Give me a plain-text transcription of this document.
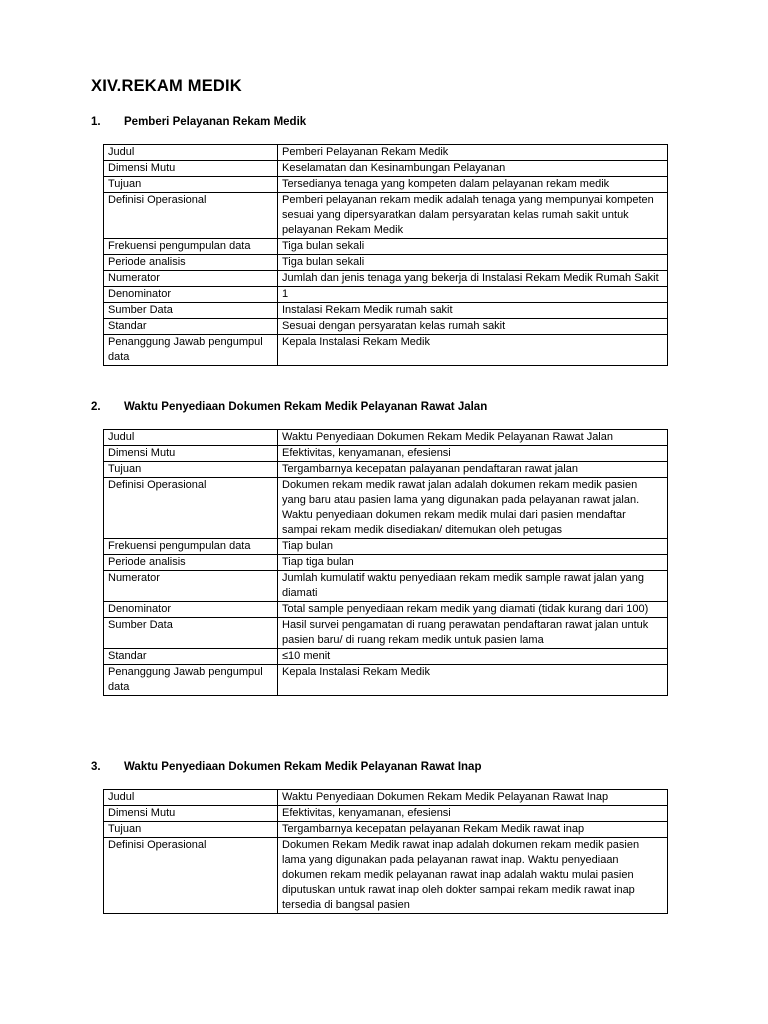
XIV.REKAM MEDIK
1. Pemberi Pelayanan Rekam Medik
Judul	Pemberi Pelayanan Rekam Medik
Dimensi Mutu	Keselamatan dan Kesinambungan Pelayanan
Tujuan	Tersedianya tenaga yang kompeten dalam pelayanan rekam medik
Definisi Operasional	Pemberi pelayanan rekam medik adalah tenaga yang mempunyai kompeten sesuai yang dipersyaratkan dalam persyaratan kelas rumah sakit untuk pelayanan Rekam Medik
Frekuensi pengumpulan data	Tiga bulan sekali
Periode analisis	Tiga bulan sekali
Numerator	Jumlah dan jenis tenaga yang bekerja di Instalasi Rekam Medik Rumah Sakit
Denominator	1
Sumber Data	Instalasi Rekam Medik rumah sakit
Standar	Sesuai dengan persyaratan kelas rumah sakit
Penanggung Jawab pengumpul data	Kepala Instalasi Rekam Medik
2. Waktu Penyediaan Dokumen Rekam Medik Pelayanan Rawat Jalan
Judul	Waktu Penyediaan Dokumen Rekam Medik Pelayanan Rawat Jalan
Dimensi Mutu	Efektivitas, kenyamanan, efesiensi
Tujuan	Tergambarnya kecepatan palayanan pendaftaran rawat jalan
Definisi Operasional	Dokumen rekam medik rawat jalan adalah dokumen rekam medik pasien yang baru atau pasien lama yang digunakan pada pelayanan rawat jalan. Waktu penyediaan dokumen rekam medik mulai dari pasien mendaftar sampai rekam medik disediakan/ ditemukan oleh petugas
Frekuensi pengumpulan data	Tiap bulan
Periode analisis	Tiap tiga bulan
Numerator	Jumlah kumulatif waktu penyediaan rekam medik sample rawat jalan yang diamati
Denominator	Total sample penyediaan rekam medik yang diamati (tidak kurang dari 100)
Sumber Data	Hasil survei pengamatan di ruang perawatan pendaftaran rawat jalan untuk pasien baru/ di ruang rekam medik untuk pasien lama
Standar	≤10 menit
Penanggung Jawab pengumpul data	Kepala Instalasi Rekam Medik
3. Waktu Penyediaan Dokumen Rekam Medik Pelayanan Rawat Inap
Judul	Waktu Penyediaan Dokumen Rekam Medik Pelayanan Rawat Inap
Dimensi Mutu	Efektivitas, kenyamanan, efesiensi
Tujuan	Tergambarnya kecepatan pelayanan Rekam Medik rawat inap
Definisi Operasional	Dokumen Rekam Medik rawat inap adalah dokumen rekam medik pasien lama yang digunakan pada pelayanan rawat inap. Waktu penyediaan dokumen rekam medik pelayanan rawat inap adalah waktu mulai pasien diputuskan untuk rawat inap oleh dokter sampai rekam medik rawat inap tersedia di bangsal pasien
